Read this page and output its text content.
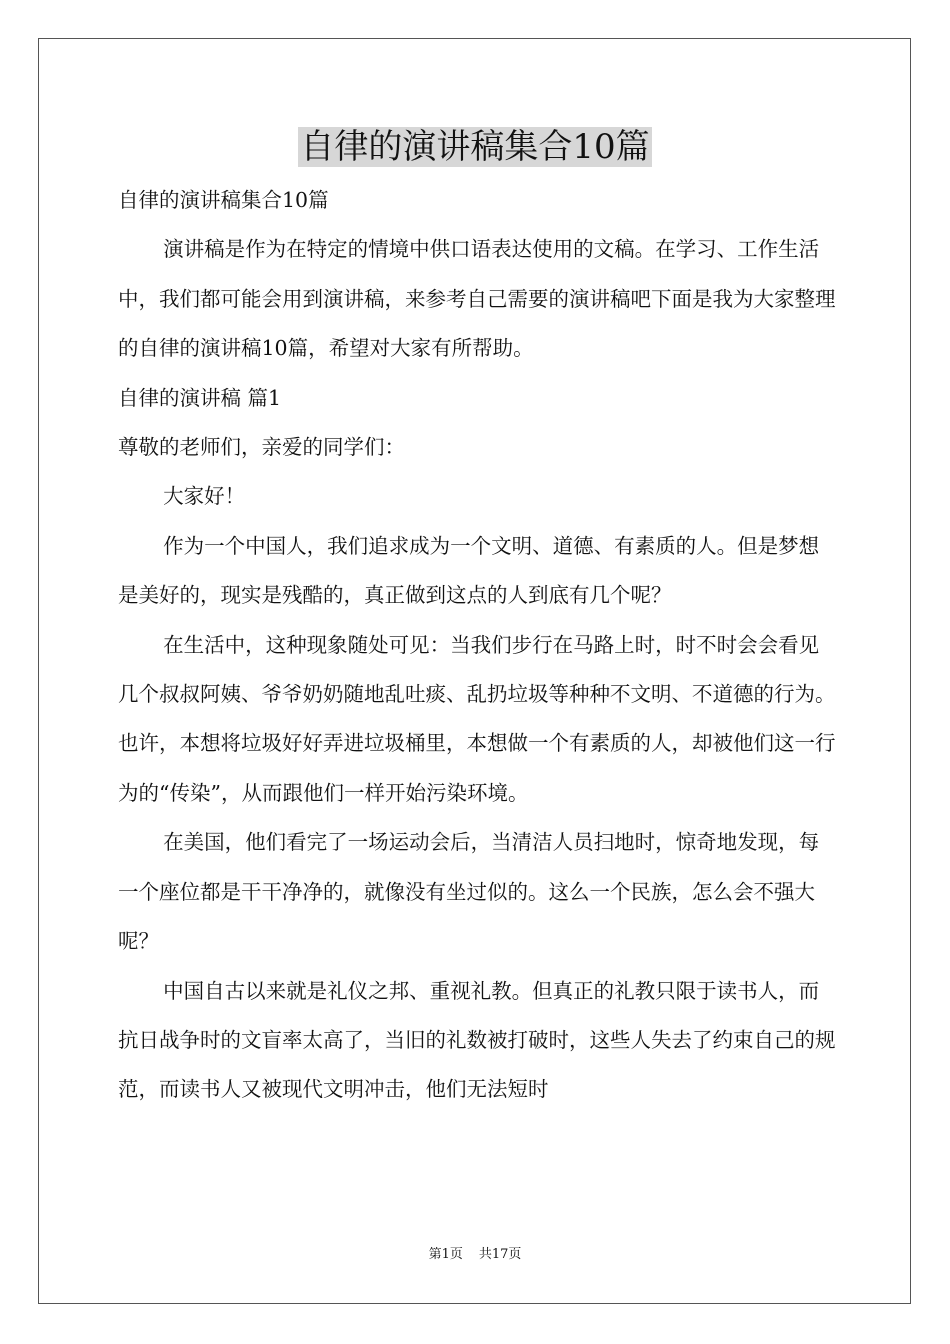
自律的演讲稿集合10篇

自律的演讲稿集合10篇

演讲稿是作为在特定的情境中供口语表达使用的文稿。在学习、工作生活中，我们都可能会用到演讲稿，来参考自己需要的演讲稿吧下面是我为大家整理的自律的演讲稿10篇，希望对大家有所帮助。

自律的演讲稿 篇1

尊敬的老师们，亲爱的同学们：

大家好！

作为一个中国人，我们追求成为一个文明、道德、有素质的人。但是梦想是美好的，现实是残酷的，真正做到这点的人到底有几个呢？

在生活中，这种现象随处可见：当我们步行在马路上时，时不时会会看见几个叔叔阿姨、爷爷奶奶随地乱吐痰、乱扔垃圾等种种不文明、不道德的行为。也许，本想将垃圾好好弄进垃圾桶里，本想做一个有素质的人，却被他们这一行为的“传染”，从而跟他们一样开始污染环境。

在美国，他们看完了一场运动会后，当清洁人员扫地时，惊奇地发现，每一个座位都是干干净净的，就像没有坐过似的。这么一个民族，怎么会不强大呢？

中国自古以来就是礼仪之邦、重视礼教。但真正的礼教只限于读书人，而抗日战争时的文盲率太高了，当旧的礼数被打破时，这些人失去了约束自己的规范，而读书人又被现代文明冲击，他们无法短时

第1页 共17页
